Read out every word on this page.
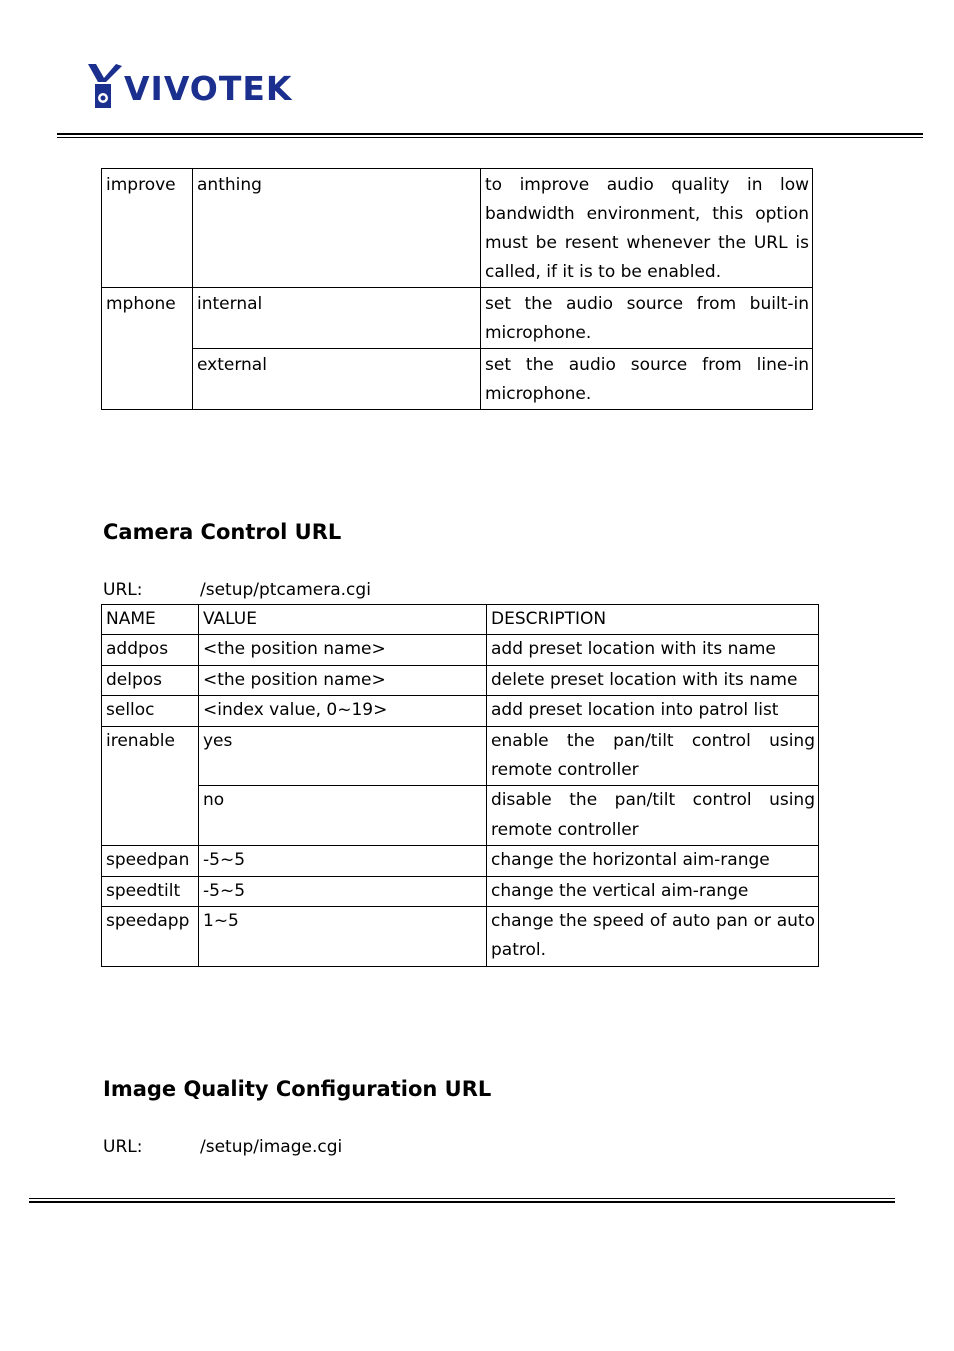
VIVOTEK
improve	anthing	to improve audio quality in low bandwidth environment, this option must be resent whenever the URL is called, if it is to be enabled.
mphone	internal	set the audio source from built-in microphone.
	external	set the audio source from line-in microphone.
Camera Control URL
URL:	/setup/ptcamera.cgi
NAME	VALUE	DESCRIPTION
addpos	<the position name>	add preset location with its name
delpos	<the position name>	delete preset location with its name
selloc	<index value, 0~19>	add preset location into patrol list
irenable	yes	enable the pan/tilt control using remote controller
	no	disable the pan/tilt control using remote controller
speedpan	-5~5	change the horizontal aim-range
speedtilt	-5~5	change the vertical aim-range
speedapp	1~5	change the speed of auto pan or auto patrol.
Image Quality Configuration URL
URL:	/setup/image.cgi
